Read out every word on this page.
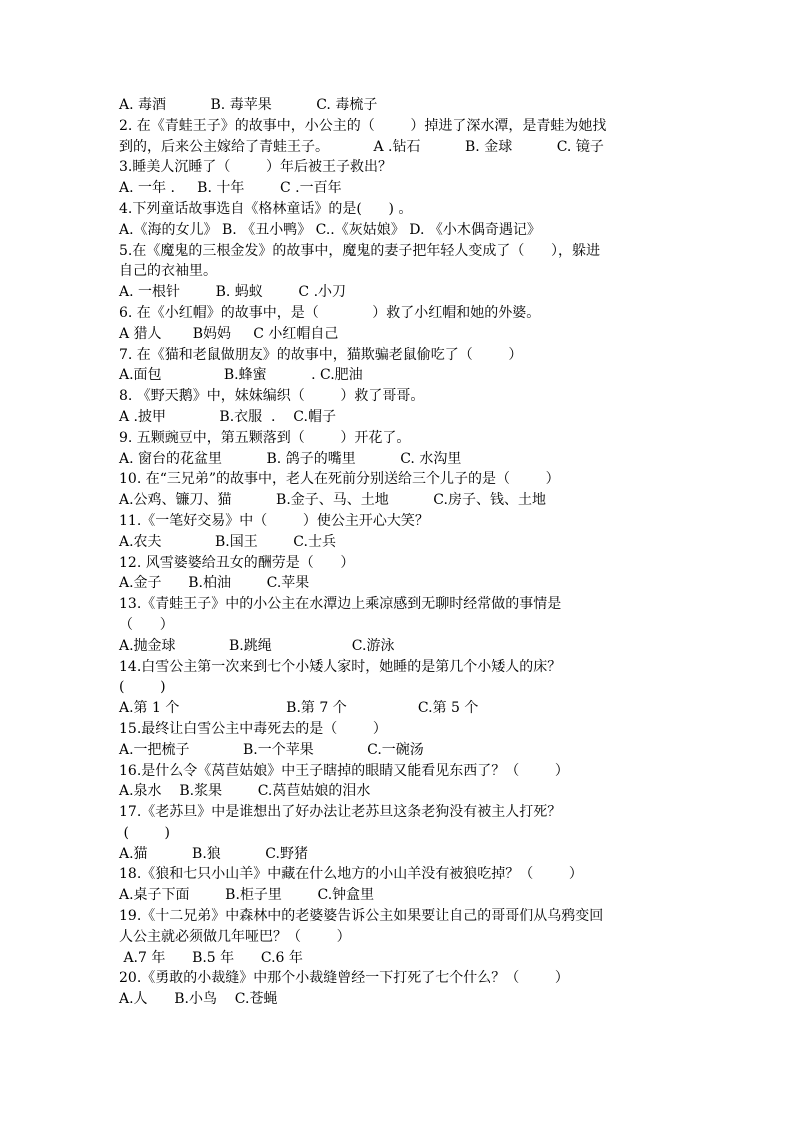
A. 毒酒          B. 毒苹果          C. 毒梳子
2. 在《青蛙王子》的故事中，小公主的（        ）掉进了深水潭，是青蛙为她找
到的，后来公主嫁给了青蛙王子。          A .钻石          B. 金球          C. 镜子
3.睡美人沉睡了（        ）年后被王子救出？
A. 一年 .     B. 十年        C .一百年
4.下列童话故事选自《格林童话》的是(      ) 。
A.《海的女儿》 B. 《丑小鸭》 C..《灰姑娘》 D. 《小木偶奇遇记》
5.在《魔鬼的三根金发》的故事中，魔鬼的妻子把年轻人变成了（      ），躲进
自己的衣袖里。
A. 一根针        B. 蚂蚁        C .小刀
6. 在《小红帽》的故事中，是（            ）救了小红帽和她的外婆。
A 猎人       B妈妈     C 小红帽自己
7. 在《猫和老鼠做朋友》的故事中，猫欺骗老鼠偷吃了（        ）
A.面包              B.蜂蜜          . C.肥油
8. 《野天鹅》中，妹妹编织（        ）救了哥哥。
A .披甲            B.衣服  .    C.帽子
9. 五颗豌豆中，第五颗落到（        ）开花了。
A. 窗台的花盆里          B. 鸽子的嘴里          C. 水沟里
10. 在“三兄弟”的故事中，老人在死前分别送给三个儿子的是（        ）
A.公鸡、镰刀、猫          B.金子、马、土地          C.房子、钱、土地
11.《一笔好交易》中（        ）使公主开心大笑？
A.农夫            B.国王        C.士兵
12. 风雪婆婆给丑女的酬劳是（      ）
A.金子      B.柏油        C.苹果
13.《青蛙王子》中的小公主在水潭边上乘凉感到无聊时经常做的事情是
（      ）
A.抛金球            B.跳绳                  C.游泳
14.白雪公主第一次来到七个小矮人家时，她睡的是第几个小矮人的床？
(        )
A.第 1 个                        B.第 7 个                C.第 5 个
15.最终让白雪公主中毒死去的是（        ）
A.一把梳子            B.一个苹果            C.一碗汤
16.是什么令《莴苣姑娘》中王子瞎掉的眼睛又能看见东西了？（        ）
A.泉水    B.浆果        C.莴苣姑娘的泪水
17.《老苏旦》中是谁想出了好办法让老苏旦这条老狗没有被主人打死？
(        )
A.猫          B.狼          C.野猪
18.《狼和七只小山羊》中藏在什么地方的小山羊没有被狼吃掉？（        ）
A.桌子下面        B.柜子里        C.钟盒里
19.《十二兄弟》中森林中的老婆婆告诉公主如果要让自己的哥哥们从乌鸦变回
人公主就必须做几年哑巴？（        ）
A.7 年      B.5 年      C.6 年
20.《勇敢的小裁缝》中那个小裁缝曾经一下打死了七个什么？（        ）
A.人      B.小鸟    C.苍蝇
